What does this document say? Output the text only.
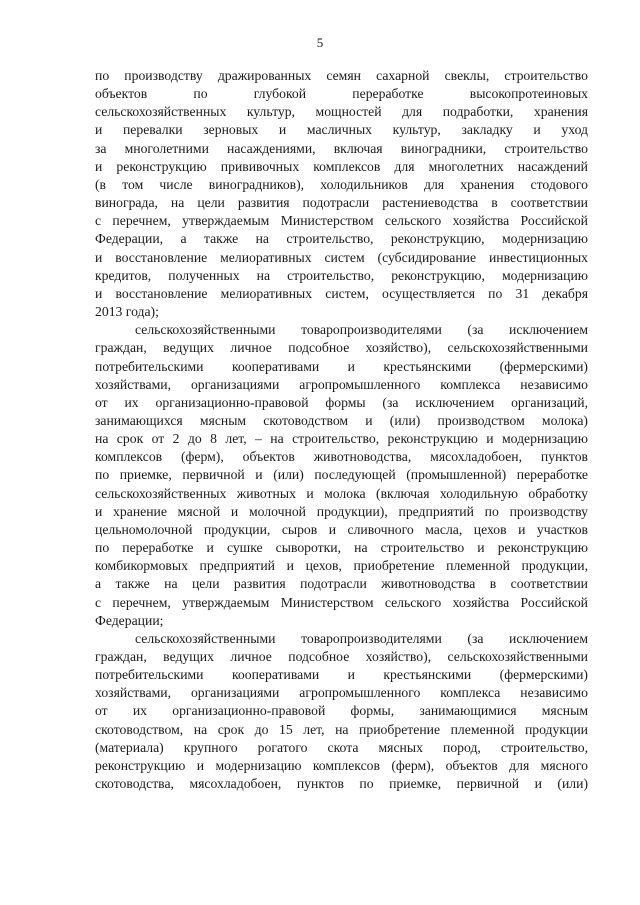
5
по производству дражированных семян сахарной свеклы, строительство
объектов по глубокой переработке высокопротеиновых
сельскохозяйственных культур, мощностей для подработки, хранения
и перевалки зерновых и масличных культур, закладку и уход
за многолетними насаждениями, включая виноградники, строительство
и реконструкцию прививочных комплексов для многолетних насаждений
(в том числе виноградников), холодильников для хранения стодового
винограда, на цели развития подотрасли растениеводства в соответствии
с перечнем, утверждаемым Министерством сельского хозяйства Российской
Федерации, а также на строительство, реконструкцию, модернизацию
и восстановление мелиоративных систем (субсидирование инвестиционных
кредитов, полученных на строительство, реконструкцию, модернизацию
и восстановление мелиоративных систем, осуществляется по 31 декабря
2013 года);
сельскохозяйственными товаропроизводителями (за исключением
граждан, ведущих личное подсобное хозяйство), сельскохозяйственными
потребительскими кооперативами и крестьянскими (фермерскими)
хозяйствами, организациями агропромышленного комплекса независимо
от их организационно-правовой формы (за исключением организаций,
занимающихся мясным скотоводством и (или) производством молока)
на срок от 2 до 8 лет, – на строительство, реконструкцию и модернизацию
комплексов (ферм), объектов животноводства, мясохладобоен, пунктов
по приемке, первичной и (или) последующей (промышленной) переработке
сельскохозяйственных животных и молока (включая холодильную обработку
и хранение мясной и молочной продукции), предприятий по производству
цельномолочной продукции, сыров и сливочного масла, цехов и участков
по переработке и сушке сыворотки, на строительство и реконструкцию
комбикормовых предприятий и цехов, приобретение племенной продукции,
а также на цели развития подотрасли животноводства в соответствии
с перечнем, утверждаемым Министерством сельского хозяйства Российской
Федерации;
сельскохозяйственными товаропроизводителями (за исключением
граждан, ведущих личное подсобное хозяйство), сельскохозяйственными
потребительскими кооперативами и крестьянскими (фермерскими)
хозяйствами, организациями агропромышленного комплекса независимо
от их организационно-правовой формы, занимающимися мясным
скотоводством, на срок до 15 лет, на приобретение племенной продукции
(материала) крупного рогатого скота мясных пород, строительство,
реконструкцию и модернизацию комплексов (ферм), объектов для мясного
скотоводства, мясохладобоен, пунктов по приемке, первичной и (или)
